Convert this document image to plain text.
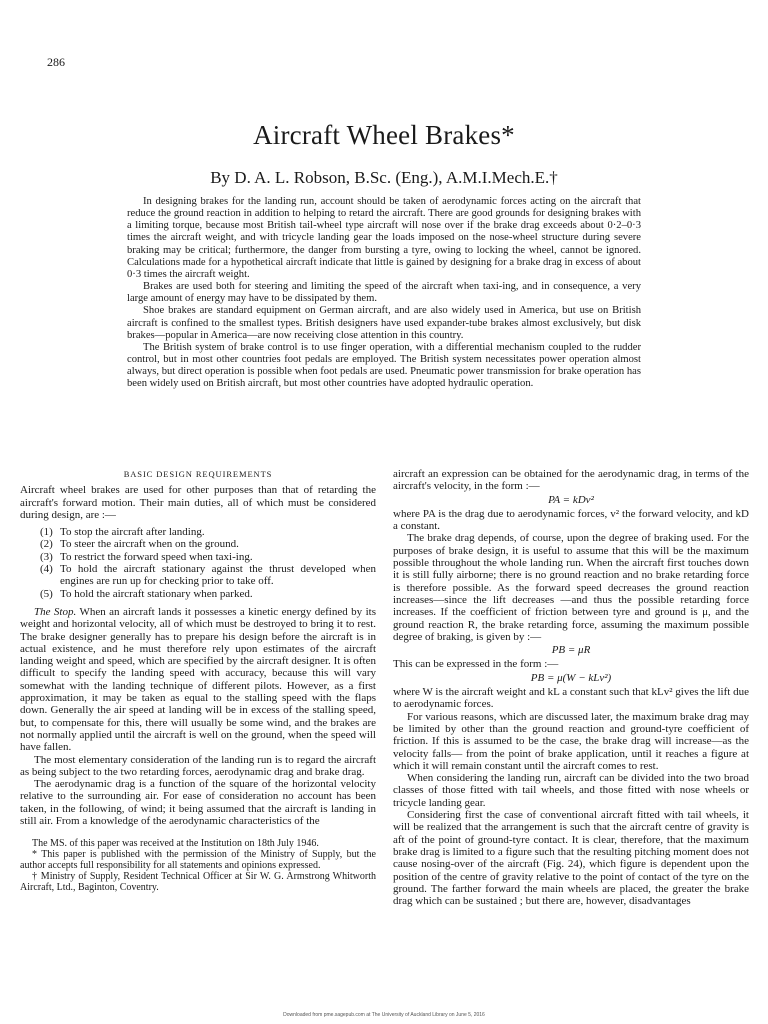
286
Aircraft Wheel Brakes*
By D. A. L. Robson, B.Sc. (Eng.), A.M.I.Mech.E.†

In designing brakes for the landing run, account should be taken of aerodynamic forces acting on the aircraft that reduce the ground reaction in addition to helping to retard the aircraft. There are good grounds for designing brakes with a limiting torque, because most British tail-wheel type aircraft will nose over if the brake drag exceeds about 0·2–0·3 times the aircraft weight, and with tricycle landing gear the loads imposed on the nose-wheel structure during severe braking may be critical; furthermore, the danger from bursting a tyre, owing to locking the wheel, cannot be ignored. Calculations made for a hypothetical aircraft indicate that little is gained by designing for a brake drag in excess of about 0·3 times the aircraft weight.

Brakes are used both for steering and limiting the speed of the aircraft when taxi-ing, and in consequence, a very large amount of energy may have to be dissipated by them.

Shoe brakes are standard equipment on German aircraft, and are also widely used in America, but use on British aircraft is confined to the smallest types. British designers have used expander-tube brakes almost exclusively, but disk brakes—popular in America—are now receiving close attention in this country.

The British system of brake control is to use finger operation, with a differential mechanism coupled to the rudder control, but in most other countries foot pedals are employed. The British system necessitates power operation almost always, but direct operation is possible when foot pedals are used. Pneumatic power transmission for brake operation has been widely used on British aircraft, but most other countries have adopted hydraulic operation.

BASIC DESIGN REQUIREMENTS

Aircraft wheel brakes are used for other purposes than that of retarding the aircraft's forward motion. Their main duties, all of which must be considered during design, are :—

(1) To stop the aircraft after landing.
(2) To steer the aircraft when on the ground.
(3) To restrict the forward speed when taxi-ing.
(4) To hold the aircraft stationary against the thrust developed when engines are run up for checking prior to take off.
(5) To hold the aircraft stationary when parked.

The Stop. When an aircraft lands it possesses a kinetic energy defined by its weight and horizontal velocity, all of which must be destroyed to bring it to rest. The brake designer generally has to prepare his design before the aircraft is in actual existence, and he must therefore rely upon estimates of the aircraft landing weight and speed, which are specified by the aircraft designer. It is often difficult to specify the landing speed with accuracy, because this will vary somewhat with the landing technique of different pilots. However, as a first approximation, it may be taken as equal to the stalling speed with the flaps down. Generally the air speed at landing will be in excess of the stalling speed, but, to compensate for this, there will usually be some wind, and the brakes are not normally applied until the aircraft is well on the ground, when the speed will have fallen.

The most elementary consideration of the landing run is to regard the aircraft as being subject to the two retarding forces, aerodynamic drag and brake drag.

The aerodynamic drag is a function of the square of the horizontal velocity relative to the surrounding air. For ease of consideration no account has been taken, in the following, of wind; it being assumed that the aircraft is landing in still air. From a knowledge of the aerodynamic characteristics of the

The MS. of this paper was received at the Institution on 18th July 1946.

* This paper is published with the permission of the Ministry of Supply, but the author accepts full responsibility for all statements and opinions expressed.

† Ministry of Supply, Resident Technical Officer at Sir W. G. Armstrong Whitworth Aircraft, Ltd., Baginton, Coventry.

aircraft an expression can be obtained for the aerodynamic drag, in terms of the aircraft's velocity, in the form :—

PA = kDv²

where PA is the drag due to aerodynamic forces, v² the forward velocity, and kD a constant.

The brake drag depends, of course, upon the degree of braking used. For the purposes of brake design, it is useful to assume that this will be the maximum possible throughout the whole landing run. When the aircraft first touches down it is still fully airborne; there is no ground reaction and no brake retarding force is therefore possible. As the forward speed decreases the ground reaction increases—since the lift decreases —and thus the possible retarding force increases. If the coefficient of friction between tyre and ground is μ, and the ground reaction R, the brake retarding force, assuming the maximum possible degree of braking, is given by :—

PB = μR

This can be expressed in the form :—

PB = μ(W − kLv²)

where W is the aircraft weight and kL a constant such that kLv² gives the lift due to aerodynamic forces.

For various reasons, which are discussed later, the maximum brake drag may be limited by other than the ground reaction and ground-tyre coefficient of friction. If this is assumed to be the case, the brake drag will increase—as the velocity falls— from the point of brake application, until it reaches a figure at which it will remain constant until the aircraft comes to rest.

When considering the landing run, aircraft can be divided into the two broad classes of those fitted with tail wheels, and those fitted with nose wheels or tricycle landing gear.

Considering first the case of conventional aircraft fitted with tail wheels, it will be realized that the arrangement is such that the aircraft centre of gravity is aft of the point of ground-tyre contact. It is clear, therefore, that the maximum brake drag is limited to a figure such that the resulting pitching moment does not cause nosing-over of the aircraft (Fig. 24), which figure is dependent upon the position of the centre of gravity relative to the point of contact of the tyre on the ground. The farther forward the main wheels are placed, the greater the brake drag which can be sustained ; but there are, however, disadvantages

Downloaded from pme.sagepub.com at The University of Auckland Library on June 5, 2016
